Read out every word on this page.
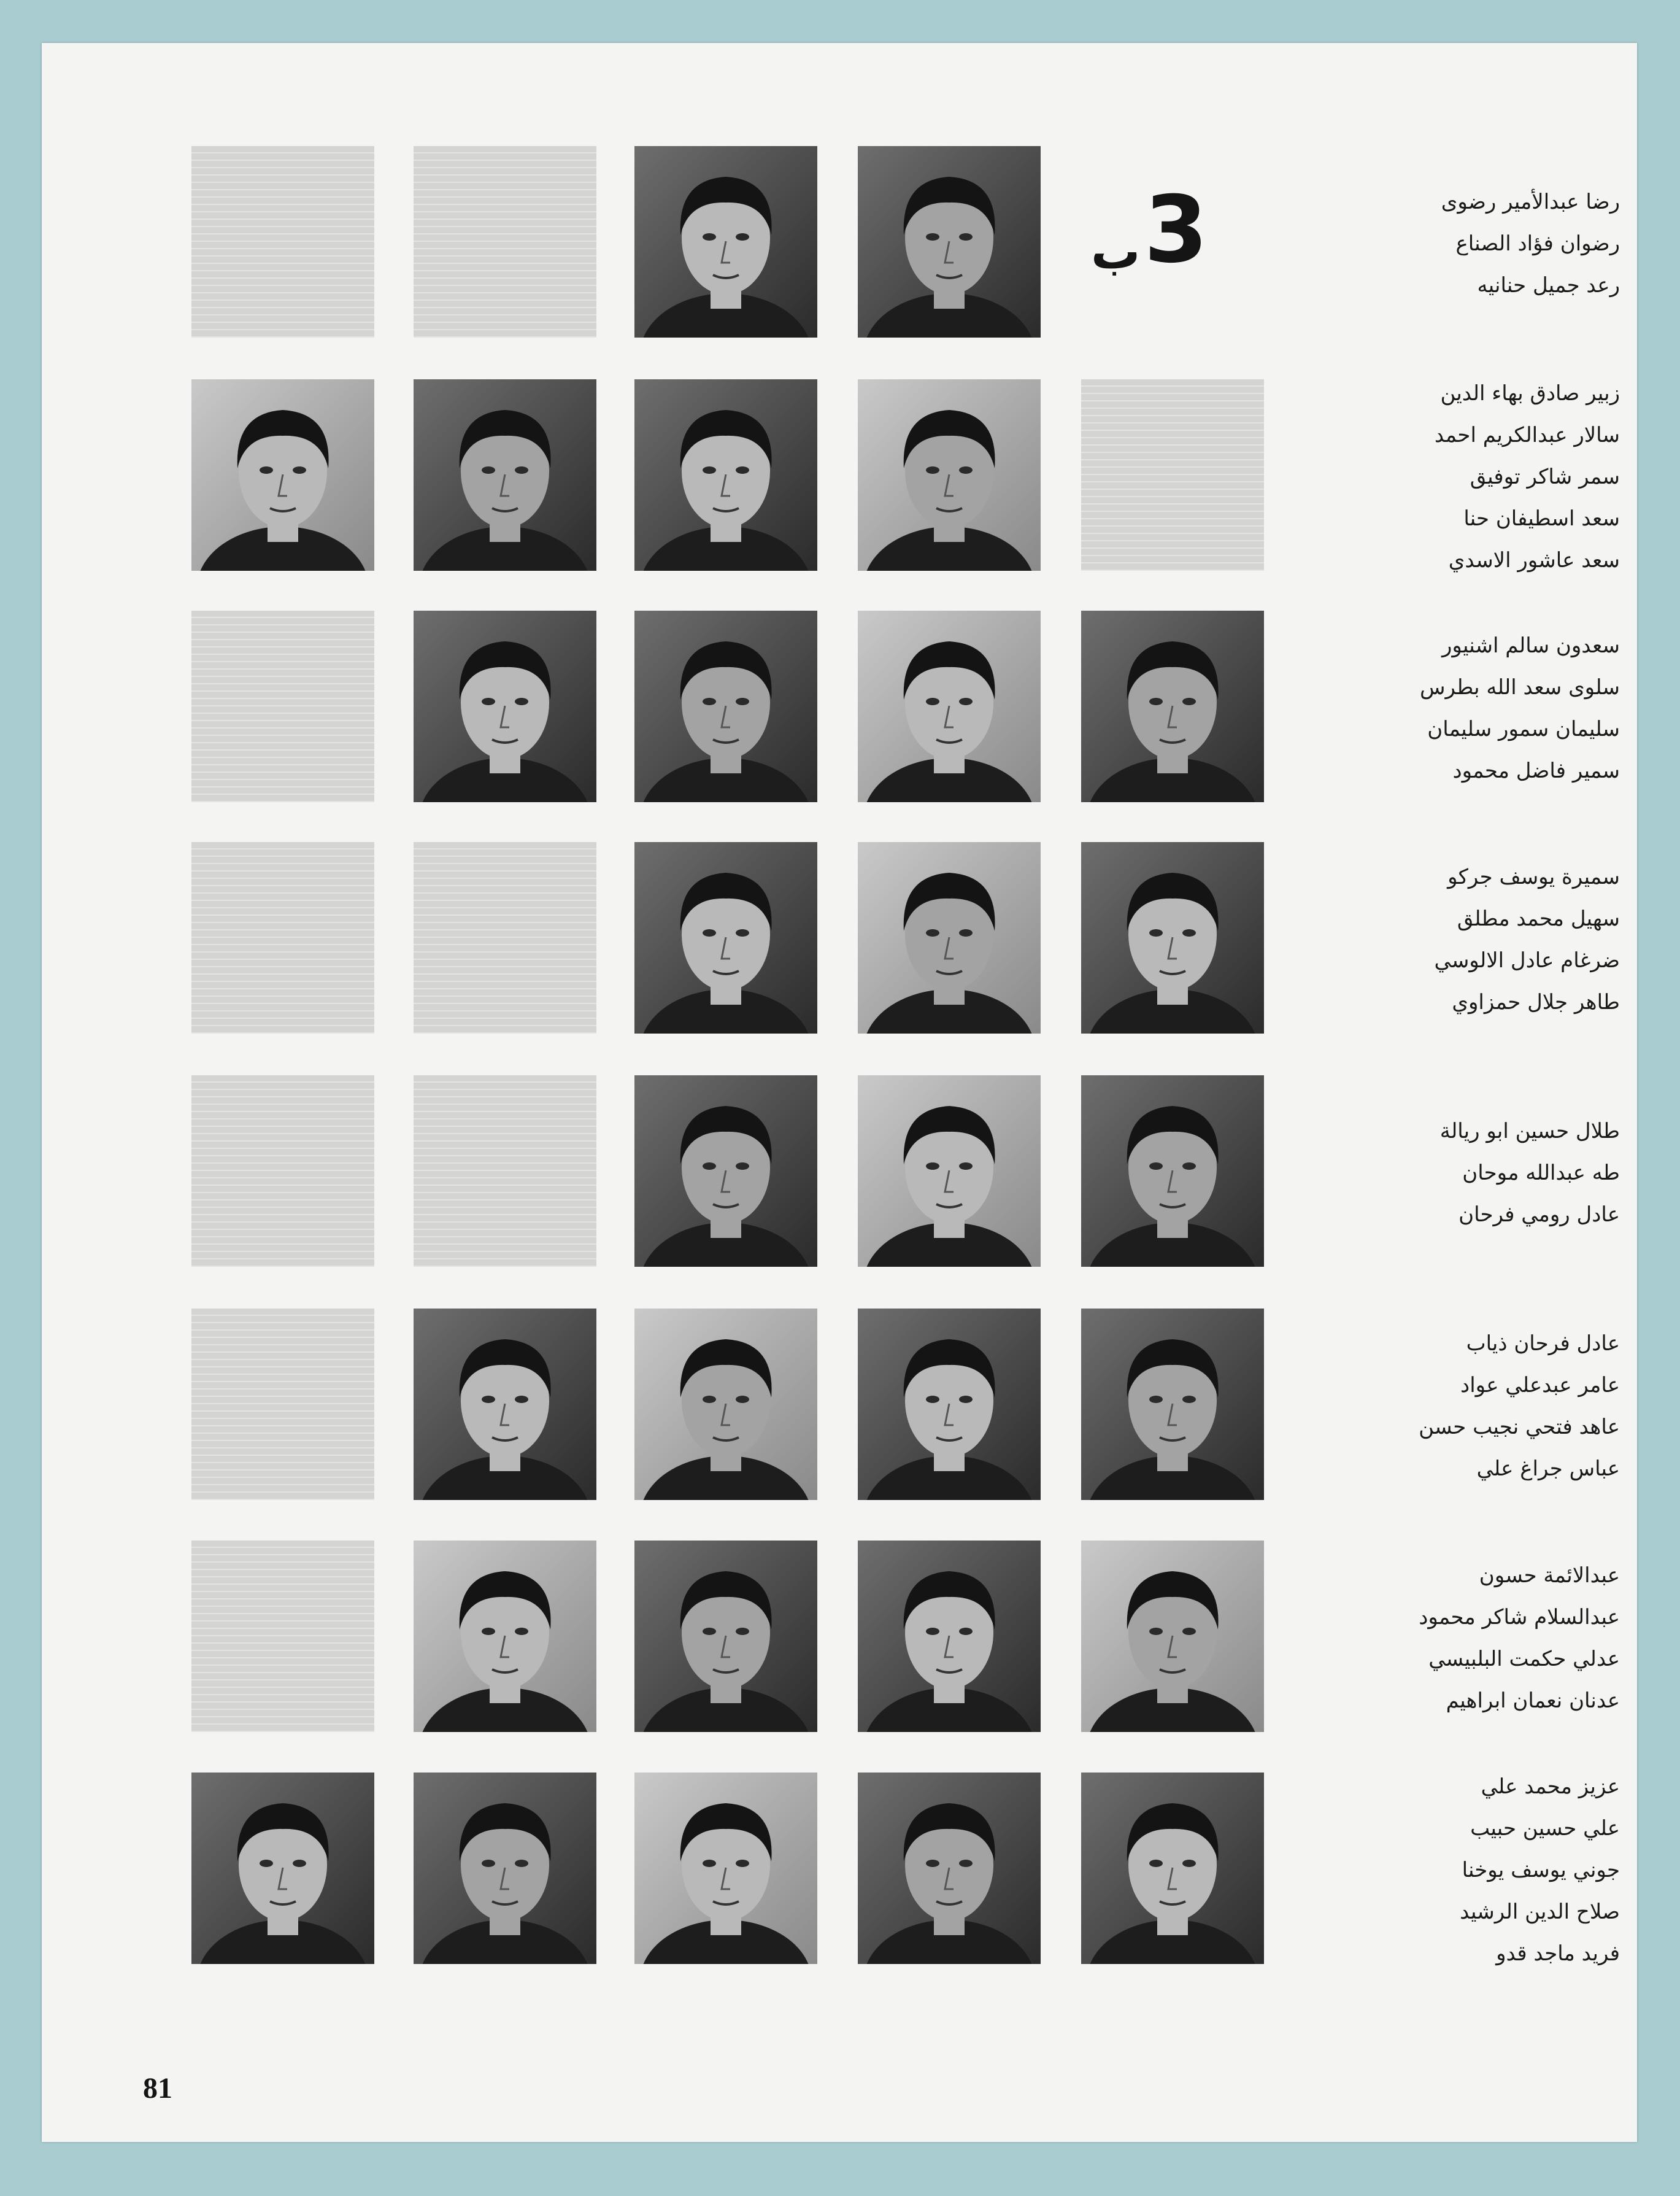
ب3	رضا عبدالأمير رضوى
رضوان فؤاد الصناع
رعد جميل حنانيه
زبير صادق بهاء الدين
سالار عبدالكريم احمد
سمر شاكر توفيق
سعد اسطيفان حنا
سعد عاشور الاسدي
سعدون سالم اشنيور
سلوى سعد الله بطرس
سليمان سمور سليمان
سمير فاضل محمود
سميرة يوسف جركو
سهيل محمد مطلق
ضرغام عادل الالوسي
طاهر جلال حمزاوي
طلال حسين ابو ريالة
طه عبدالله موحان
عادل رومي فرحان
عادل فرحان ذياب
عامر عبدعلي عواد
عاهد فتحي نجيب حسن
عباس جراغ علي
عبدالائمة حسون
عبدالسلام شاكر محمود
عدلي حكمت البلبيسي
عدنان نعمان ابراهيم
عزيز محمد علي
علي حسين حبيب
جوني يوسف يوخنا
صلاح الدين الرشيد
فريد ماجد قدو
81
